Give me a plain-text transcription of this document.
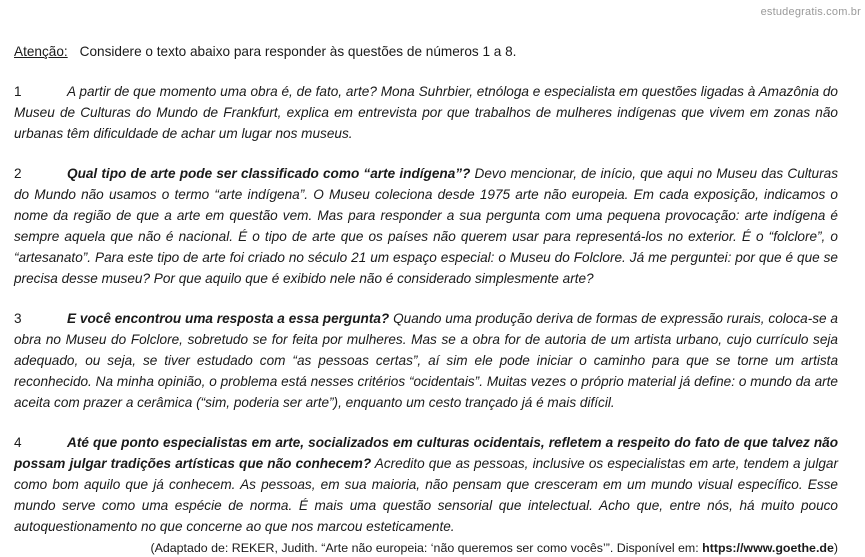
estudegratis.com.br
Atenção: Considere o texto abaixo para responder às questões de números 1 a 8.

1	A partir de que momento uma obra é, de fato, arte? Mona Suhrbier, etnóloga e especialista em questões ligadas à Amazônia do Museu de Culturas do Mundo de Frankfurt, explica em entrevista por que trabalhos de mulheres indígenas que vivem em zonas não urbanas têm dificuldade de achar um lugar nos museus.

2	Qual tipo de arte pode ser classificado como “arte indígena”? Devo mencionar, de início, que aqui no Museu das Culturas do Mundo não usamos o termo “arte indígena”. O Museu coleciona desde 1975 arte não europeia. Em cada exposição, indicamos o nome da região de que a arte em questão vem. Mas para responder a sua pergunta com uma pequena provocação: arte indígena é sempre aquela que não é nacional. É o tipo de arte que os países não querem usar para representá-los no exterior. É o “folclore”, o “artesanato”. Para este tipo de arte foi criado no século 21 um espaço especial: o Museu do Folclore. Já me perguntei: por que é que se precisa desse museu? Por que aquilo que é exibido nele não é considerado simplesmente arte?

3	E você encontrou uma resposta a essa pergunta? Quando uma produção deriva de formas de expressão rurais, coloca-se a obra no Museu do Folclore, sobretudo se for feita por mulheres. Mas se a obra for de autoria de um artista urbano, cujo currículo seja adequado, ou seja, se tiver estudado com “as pessoas certas”, aí sim ele pode iniciar o caminho para que se torne um artista reconhecido. Na minha opinião, o problema está nesses critérios “ocidentais”. Muitas vezes o próprio material já define: o mundo da arte aceita com prazer a cerâmica (“sim, poderia ser arte”), enquanto um cesto trançado já é mais difícil.

4	Até que ponto especialistas em arte, socializados em culturas ocidentais, refletem a respeito do fato de que talvez não possam julgar tradições artísticas que não conhecem? Acredito que as pessoas, inclusive os especialistas em arte, tendem a julgar como bom aquilo que já conhecem. As pessoas, em sua maioria, não pensam que cresceram em um mundo visual específico. Esse mundo serve como uma espécie de norma. É mais uma questão sensorial que intelectual. Acho que, entre nós, há muito pouco autoquestionamento no que concerne ao que nos marcou esteticamente.

(Adaptado de: REKER, Judith. “Arte não europeia: ‘não queremos ser como vocês’”. Disponível em: https://www.goethe.de)
